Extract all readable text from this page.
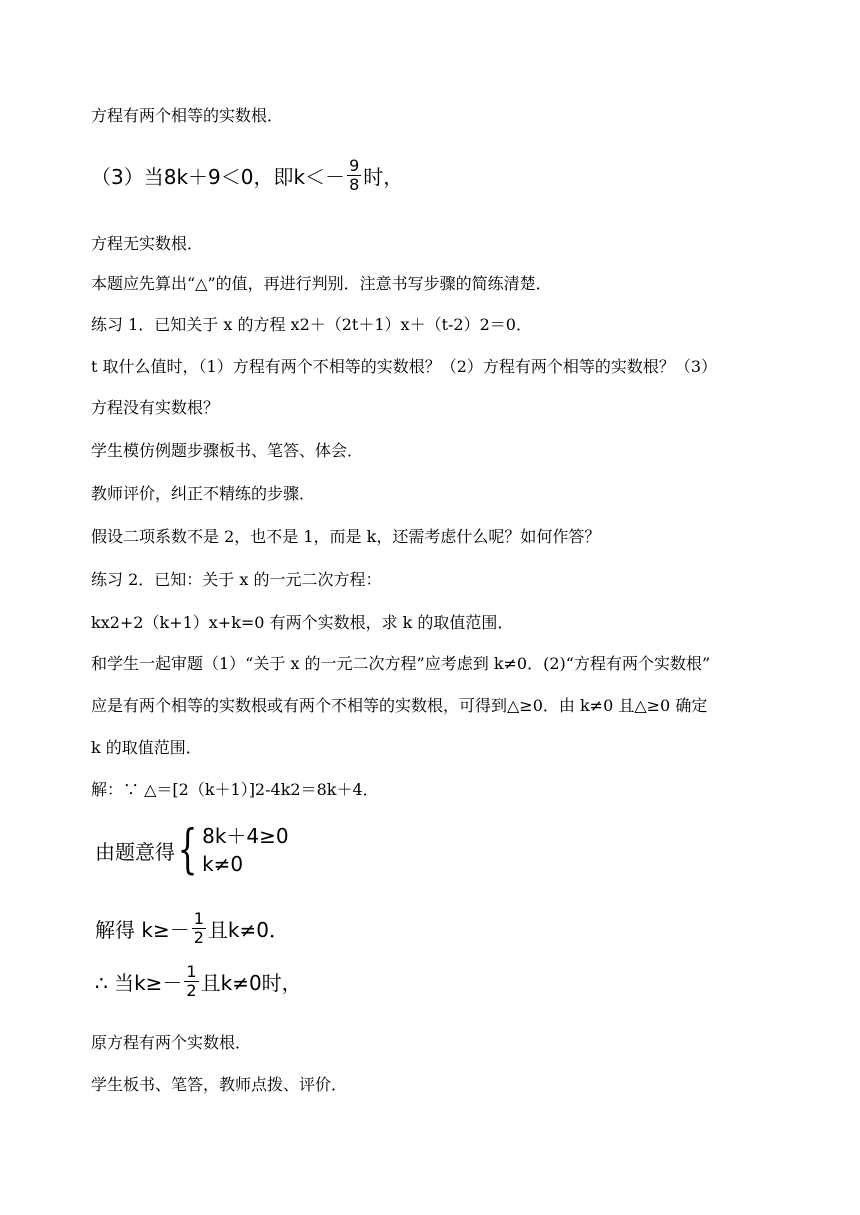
方程有两个相等的实数根．
（3）当8k＋9＜0，即$k<- \frac{9}{8}$ 时，
方程无实数根．
本题应先算出“△”的值，再进行判别．注意书写步骤的简练清楚．
练习 1．已知关于 x 的方程 x2＋（2t＋1）x＋（t-2）2＝0．
t 取什么值时，（1）方程有两个不相等的实数根？（2）方程有两个相等的实数根？（3）
方程没有实数根？
学生模仿例题步骤板书、笔答、体会．
教师评价，纠正不精练的步骤．
假设二项系数不是 2，也不是 1，而是 k，还需考虑什么呢？如何作答？
练习 2．已知：关于 x 的一元二次方程：
kx2+2（k+1）x+k=0 有两个实数根，求 k 的取值范围．
和学生一起审题（1）“关于 x 的一元二次方程”应考虑到 k≠0．(2)“方程有两个实数根”
应是有两个相等的实数根或有两个不相等的实数根，可得到△≥0．由 k≠0 且△≥0 确定
k 的取值范围．
解：∵ △＝[2（k＋1）]2-4k2＝8k＋4．
由题意得 { 8k＋4≥0
k≠0
解得 $k\ge- \frac{1}{2}$ 且k≠0．
∴ 当$k\ge- \frac{1}{2}$ 且k≠0时，
原方程有两个实数根．
学生板书、笔答，教师点拨、评价．
